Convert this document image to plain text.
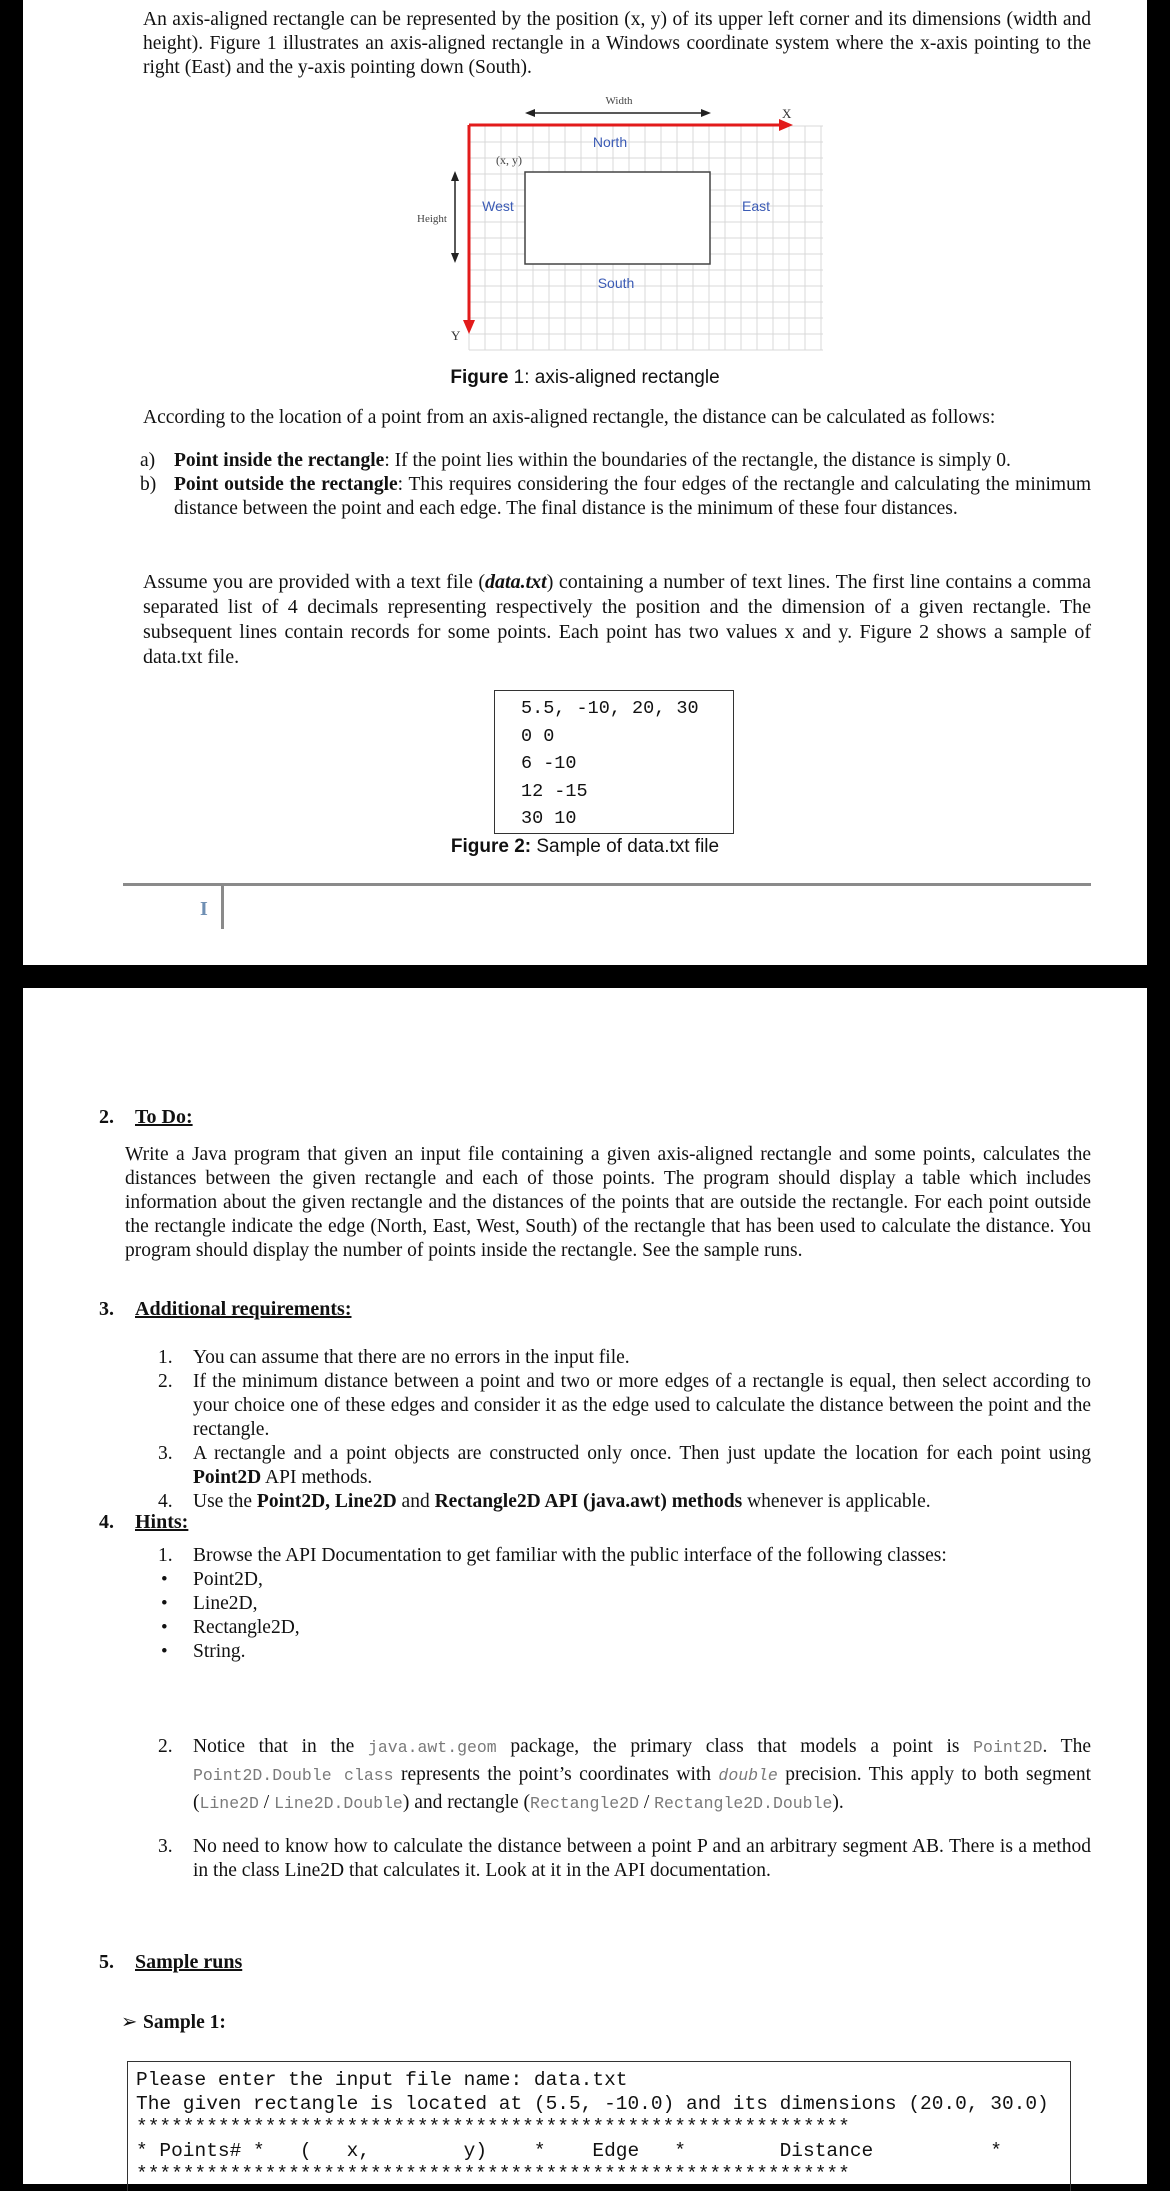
An axis-aligned rectangle can be represented by the position (x, y) of its upper left corner and its dimensions (width and height). Figure 1 illustrates an axis-aligned rectangle in a Windows coordinate system where the x-axis pointing to the right (East) and the y-axis pointing down (South).

Width
X
Y
(x, y)
Height
North
South
East
West
Figure 1: axis-aligned rectangle

According to the location of a point from an axis-aligned rectangle, the distance can be calculated as follows:

a) Point inside the rectangle: If the point lies within the boundaries of the rectangle, the distance is simply 0.
b) Point outside the rectangle: This requires considering the four edges of the rectangle and calculating the minimum distance between the point and each edge. The final distance is the minimum of these four distances.

Assume you are provided with a text file (data.txt) containing a number of text lines. The first line contains a comma separated list of 4 decimals representing respectively the position and the dimension of a given rectangle. The subsequent lines contain records for some points. Each point has two values x and y. Figure 2 shows a sample of data.txt file.

5.5, -10, 20, 30
0 0
6 -10
12 -15
30 10
Figure 2: Sample of data.txt file
I
2. To Do:

Write a Java program that given an input file containing a given axis-aligned rectangle and some points, calculates the distances between the given rectangle and each of those points. The program should display a table which includes information about the given rectangle and the distances of the points that are outside the rectangle. For each point outside the rectangle indicate the edge (North, East, West, South) of the rectangle that has been used to calculate the distance. You program should display the number of points inside the rectangle. See the sample runs.

3. Additional requirements:
1. You can assume that there are no errors in the input file.
2. If the minimum distance between a point and two or more edges of a rectangle is equal, then select according to your choice one of these edges and consider it as the edge used to calculate the distance between the point and the rectangle.
3. A rectangle and a point objects are constructed only once. Then just update the location for each point using Point2D API methods.
4. Use the Point2D, Line2D and Rectangle2D API (java.awt) methods whenever is applicable.
4. Hints:
1. Browse the API Documentation to get familiar with the public interface of the following classes:
• Point2D,
• Line2D,
• Rectangle2D,
• String.
2. Notice that in the java.awt.geom package, the primary class that models a point is Point2D. The Point2D.Double class represents the point’s coordinates with double precision. This apply to both segment (Line2D / Line2D.Double) and rectangle (Rectangle2D / Rectangle2D.Double).
3. No need to know how to calculate the distance between a point P and an arbitrary segment AB. There is a method in the class Line2D that calculates it. Look at it in the API documentation.
5. Sample runs
➢ Sample 1:
Please enter the input file name: data.txt
The given rectangle is located at (5.5, -10.0) and its dimensions (20.0, 30.0)
*************************************************************
* Points# *   (   x,        y)    *    Edge   *        Distance          *
*************************************************************
